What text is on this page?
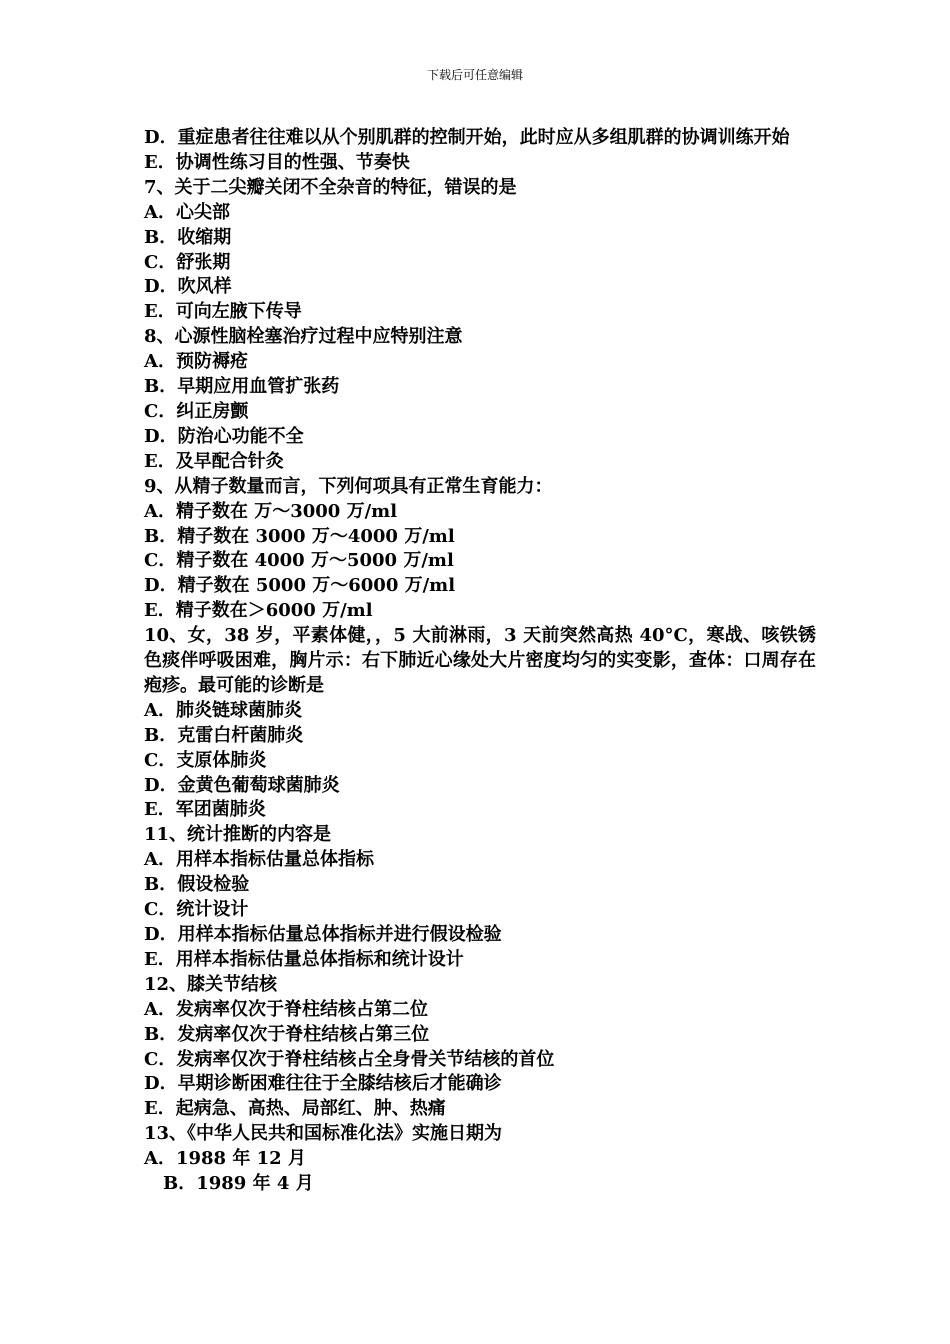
下载后可任意编辑
D．重症患者往往难以从个别肌群的控制开始，此时应从多组肌群的协调训练开始
E．协调性练习目的性强、节奏快
7、关于二尖瓣关闭不全杂音的特征，错误的是
A．心尖部
B．收缩期
C．舒张期
D．吹风样
E．可向左腋下传导
8、心源性脑栓塞治疗过程中应特别注意
A．预防褥疮
B．早期应用血管扩张药
C．纠正房颤
D．防治心功能不全
E．及早配合针灸
9、从精子数量而言，下列何项具有正常生育能力：
A．精子数在 万～3000 万/ml
B．精子数在 3000 万～4000 万/ml
C．精子数在 4000 万～5000 万/ml
D．精子数在 5000 万～6000 万/ml
E．精子数在＞6000 万/ml
10、女，38 岁，平素体健，，5 大前淋雨，3 天前突然高热 40°C，寒战、咳铁锈色痰伴呼吸困难，胸片示：右下肺近心缘处大片密度均匀的实变影，查体：口周存在疱疹。最可能的诊断是
A．肺炎链球菌肺炎
B．克雷白杆菌肺炎
C．支原体肺炎
D．金黄色葡萄球菌肺炎
E．军团菌肺炎
11、统计推断的内容是
A．用样本指标估量总体指标
B．假设检验
C．统计设计
D．用样本指标估量总体指标并进行假设检验
E．用样本指标估量总体指标和统计设计
12、膝关节结核
A．发病率仅次于脊柱结核占第二位
B．发病率仅次于脊柱结核占第三位
C．发病率仅次于脊柱结核占全身骨关节结核的首位
D．早期诊断困难往往于全膝结核后才能确诊
E．起病急、高热、局部红、肿、热痛
13、《中华人民共和国标准化法》实施日期为
A．1988 年 12 月
B．1989 年 4 月
